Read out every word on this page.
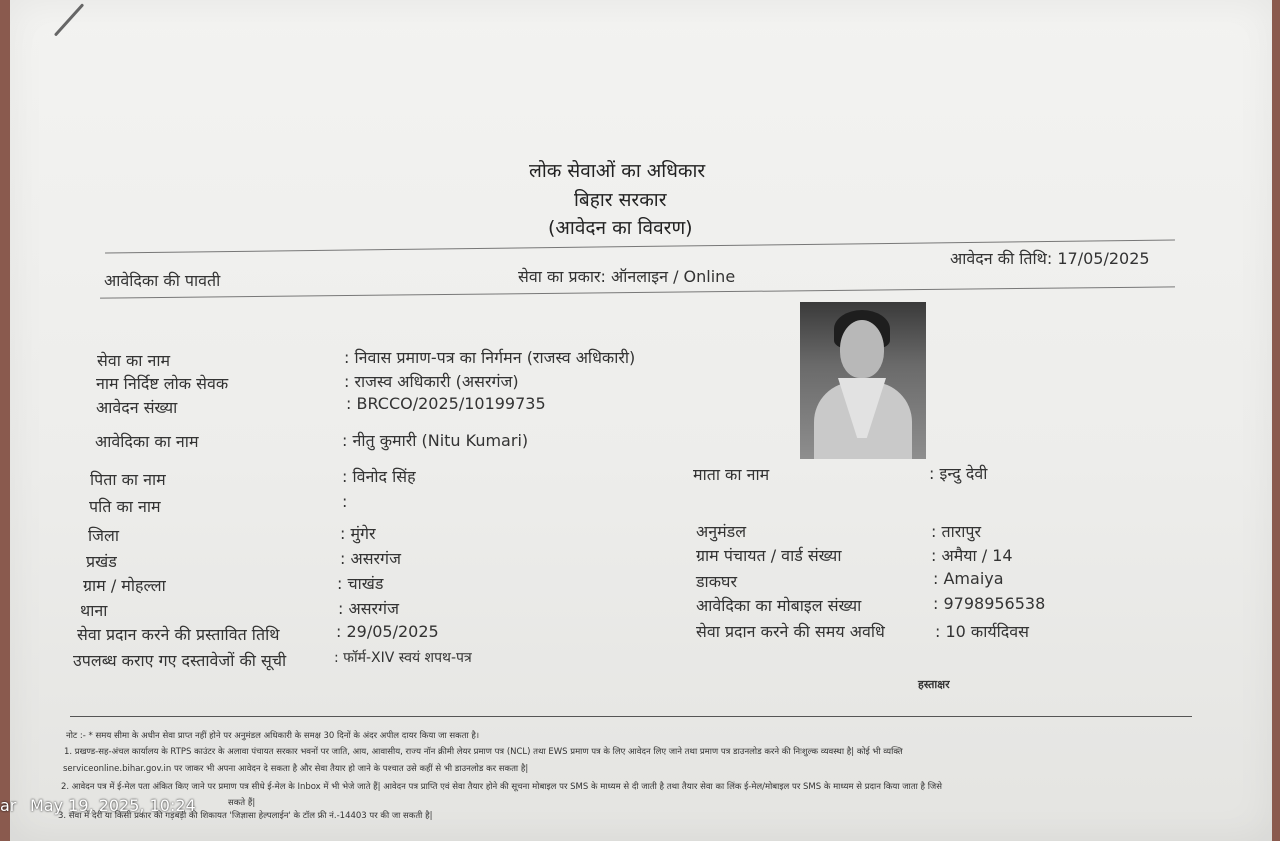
लोक सेवाओं का अधिकार
बिहार सरकार
(आवेदन का विवरण)
आवेदिका की पावती	सेवा का प्रकार: ऑनलाइन / Online
आवेदन की तिथि: 17/05/2025
सेवा का नाम	: निवास प्रमाण-पत्र का निर्गमन (राजस्व अधिकारी)
नाम निर्दिष्ट लोक सेवक	: राजस्व अधिकारी (असरगंज)
आवेदन संख्या	: BRCCO/2025/10199735
आवेदिका का नाम	: नीतु कुमारी (Nitu Kumari)
पिता का नाम	: विनोद सिंह
पति का नाम	:
जिला	: मुंगेर
प्रखंड	: असरगंज
ग्राम / मोहल्ला	: चाखंड
थाना	: असरगंज
सेवा प्रदान करने की प्रस्तावित तिथि	: 29/05/2025
उपलब्ध कराए गए दस्तावेजों की सूची	: फॉर्म-XIV स्वयं शपथ-पत्र
माता का नाम	: इन्दु देवी
अनुमंडल	: तारापुर
ग्राम पंचायत / वार्ड संख्या	: अमैया / 14
डाकघर	: Amaiya
आवेदिका का मोबाइल संख्या	: 9798956538
सेवा प्रदान करने की समय अवधि	: 10 कार्यदिवस
हस्ताक्षर
नोट :- * समय सीमा के अधीन सेवा प्राप्त नहीं होने पर अनुमंडल अधिकारी के समक्ष 30 दिनों के अंदर अपील दायर किया जा सकता है।
1. प्रखण्ड-सह-अंचल कार्यालय के RTPS काउंटर के अलावा पंचायत सरकार भवनों पर जाति, आय, आवासीय, राज्य नॉन क्रीमी लेयर प्रमाण पत्र (NCL) तथा EWS प्रमाण पत्र के लिए आवेदन लिए जाने तथा प्रमाण पत्र डाउनलोड करने की निःशुल्क व्यवस्था है| कोई भी व्यक्ति
serviceonline.bihar.gov.in पर जाकर भी अपना आवेदन दे सकता है और सेवा तैयार हो जाने के पश्चात उसे कहीं से भी डाउनलोड कर सकता है|
2. आवेदन पत्र में ई-मेल पता अंकित किए जाने पर प्रमाण पत्र सीधे ई-मेल के Inbox में भी भेजे जाते हैं| आवेदन पत्र प्राप्ति एवं सेवा तैयार होने की सूचना मोबाइल पर SMS के माध्यम से दी जाती है तथा तैयार सेवा का लिंक ई-मेल/मोबाइल पर SMS के माध्यम से प्रदान किया जाता है जिसे
सकते हैं|
3. सेवा में देरी या किसी प्रकार की गड़बड़ी की शिकायत 'जिज्ञासा हेल्पलाईन' के टॉल फ्री नं.-14403 पर की जा सकती है|
ar May 19, 2025, 10:24
